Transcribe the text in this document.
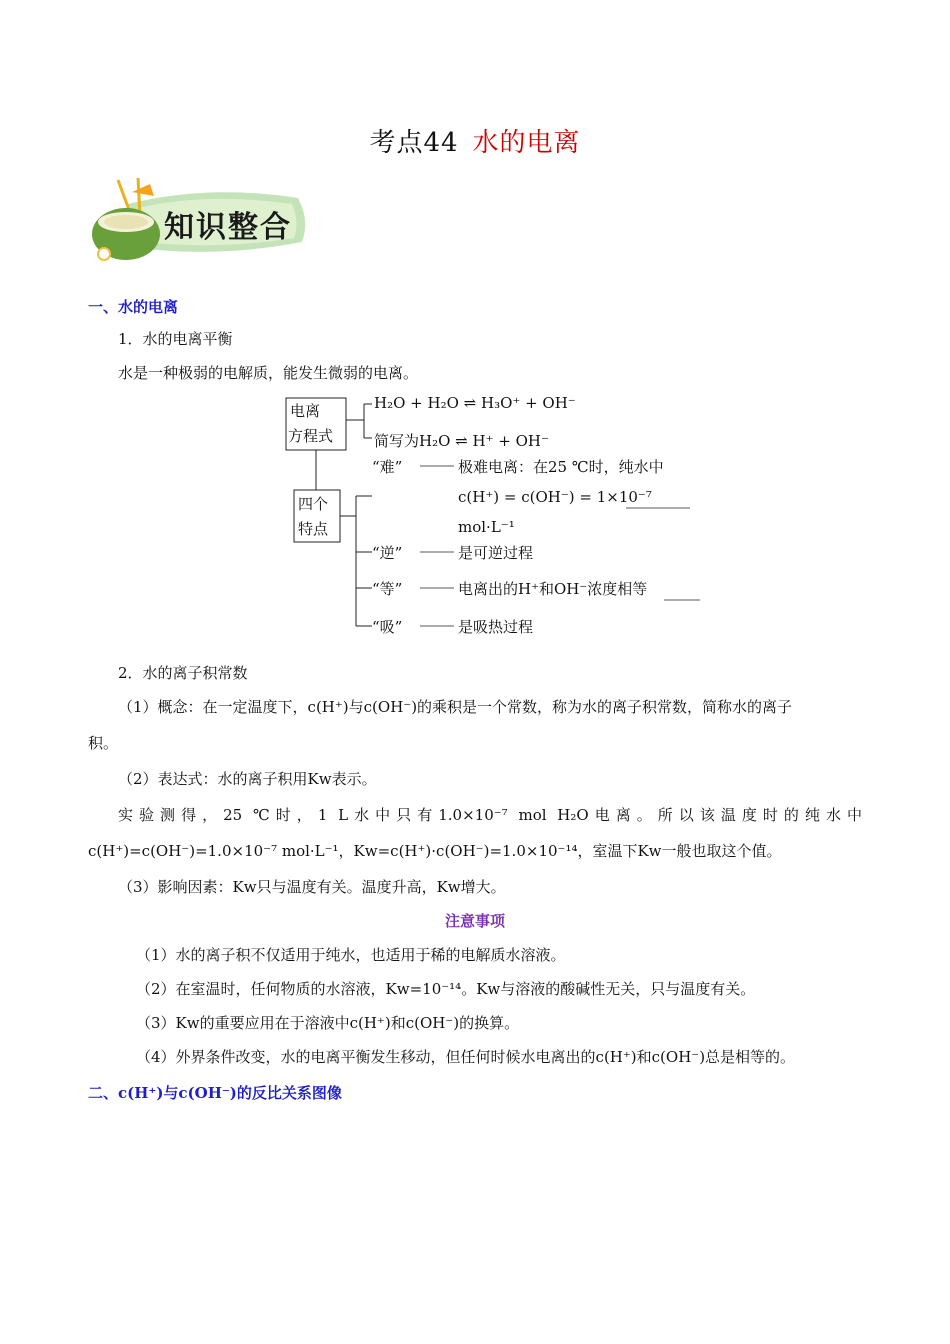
考点44 水的电离
知识整合
一、水的电离
1．水的电离平衡
水是一种极弱的电解质，能发生微弱的电离。
电离
方程式
H₂O + H₂O ⇌ H₃O⁺ + OH⁻
简写为H₂O ⇌ H⁺ + OH⁻
四个
特点
“难”	极难电离：在25 ℃时，纯水中
c(H⁺) = c(OH⁻) = 1×10⁻⁷
mol·L⁻¹
“逆”	是可逆过程
“等”	电离出的H⁺和OH⁻浓度相等
“吸”	是吸热过程
2．水的离子积常数
（1）概念：在一定温度下，c(H⁺)与c(OH⁻)的乘积是一个常数，称为水的离子积常数，简称水的离子
积。
（2）表达式：水的离子积用Kw表示。
实验测得，25 ℃时，1 L水中只有1.0×10⁻⁷ mol H₂O电离。所以该温度时的纯水中
c(H⁺)=c(OH⁻)=1.0×10⁻⁷ mol·L⁻¹，Kw=c(H⁺)·c(OH⁻)=1.0×10⁻¹⁴，室温下Kw一般也取这个值。
（3）影响因素：Kw只与温度有关。温度升高，Kw增大。
注意事项
（1）水的离子积不仅适用于纯水，也适用于稀的电解质水溶液。
（2）在室温时，任何物质的水溶液，Kw=10⁻¹⁴。Kw与溶液的酸碱性无关，只与温度有关。
（3）Kw的重要应用在于溶液中c(H⁺)和c(OH⁻)的换算。
（4）外界条件改变，水的电离平衡发生移动，但任何时候水电离出的c(H⁺)和c(OH⁻)总是相等的。
二、c(H⁺)与c(OH⁻)的反比关系图像
